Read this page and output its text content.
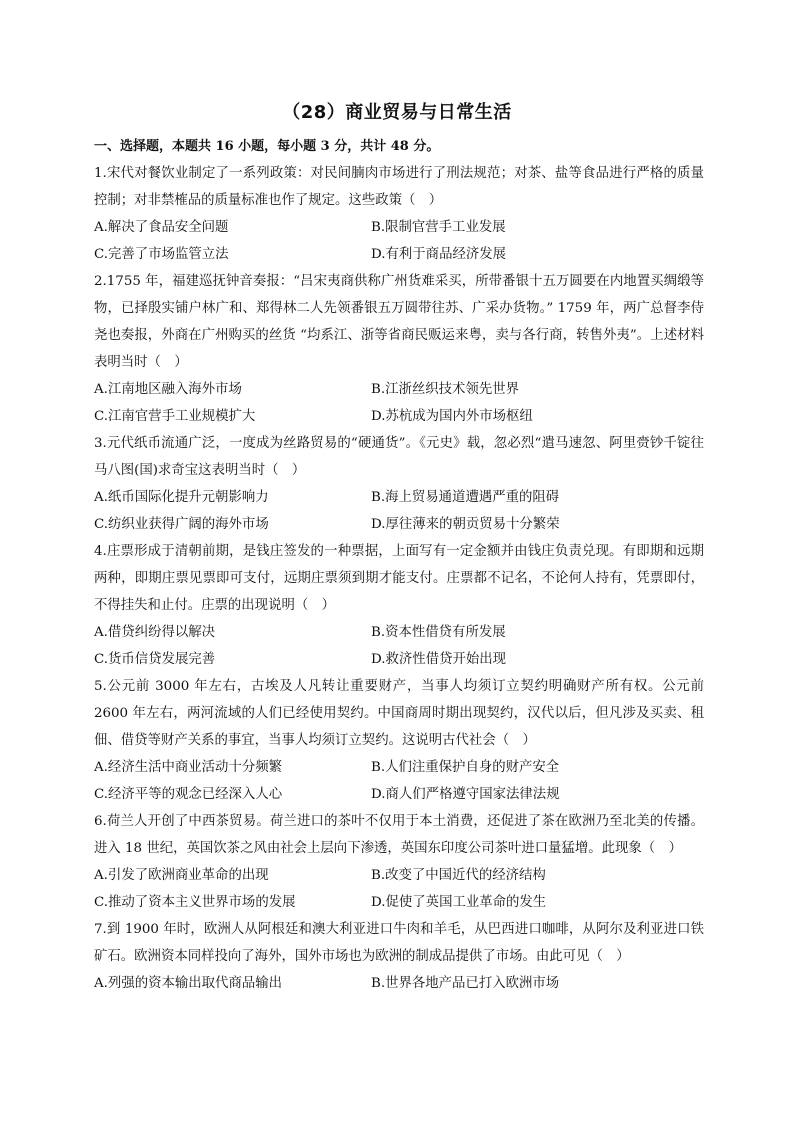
（28）商业贸易与日常生活
一、选择题，本题共 16 小题，每小题 3 分，共计 48 分。
1.宋代对餐饮业制定了一系列政策：对民间腩肉市场进行了刑法规范；对茶、盐等食品进行严格的质量控制；对非禁榷品的质量标准也作了规定。这些政策（　）
A.解决了食品安全问题	B.限制官营手工业发展
C.完善了市场监管立法	D.有利于商品经济发展
2.1755 年，福建巡抚钟音奏报：“吕宋夷商供称广州货难采买，所带番银十五万圆要在内地置买绸缎等物，已择殷实铺户林广和、郑得林二人先领番银五万圆带往苏、广采办货物。” 1759 年，两广总督李侍尧也奏报，外商在广州购买的丝货 “均系江、浙等省商民贩运来粤，卖与各行商，转售外夷”。上述材料表明当时（　）
A.江南地区融入海外市场	B.江浙丝织技术领先世界
C.江南官营手工业规模扩大	D.苏杭成为国内外市场枢纽
3.元代纸币流通广泛，一度成为丝路贸易的“硬通货”。《元史》载，忽必烈“遣马速忽、阿里赍钞千锭往马八图(国)求奇宝这表明当时（　）
A.纸币国际化提升元朝影响力	B.海上贸易通道遭遇严重的阻碍
C.纺织业获得广阔的海外市场	D.厚往薄来的朝贡贸易十分繁荣
4.庄票形成于清朝前期，是钱庄签发的一种票据，上面写有一定金额并由钱庄负责兑现。有即期和远期两种，即期庄票见票即可支付，远期庄票须到期才能支付。庄票都不记名，不论何人持有，凭票即付，不得挂失和止付。庄票的出现说明（　）
A.借贷纠纷得以解决	B.资本性借贷有所发展
C.货币信贷发展完善	D.救济性借贷开始出现
5.公元前 3000 年左右，古埃及人凡转让重要财产，当事人均须订立契约明确财产所有权。公元前 2600 年左右，两河流域的人们已经使用契约。中国商周时期出现契约，汉代以后，但凡涉及买卖、租佃、借贷等财产关系的事宜，当事人均须订立契约。这说明古代社会（　）
A.经济生活中商业活动十分频繁	B.人们注重保护自身的财产安全
C.经济平等的观念已经深入人心	D.商人们严格遵守国家法律法规
6.荷兰人开创了中西茶贸易。荷兰进口的茶叶不仅用于本土消费，还促进了茶在欧洲乃至北美的传播。进入 18 世纪，英国饮茶之风由社会上层向下渗透，英国东印度公司茶叶进口量猛增。此现象（　）
A.引发了欧洲商业革命的出现	B.改变了中国近代的经济结构
C.推动了资本主义世界市场的发展	D.促使了英国工业革命的发生
7.到 1900 年时，欧洲人从阿根廷和澳大利亚进口牛肉和羊毛，从巴西进口咖啡，从阿尔及利亚进口铁矿石。欧洲资本同样投向了海外，国外市场也为欧洲的制成品提供了市场。由此可见（　）
A.列强的资本输出取代商品输出	B.世界各地产品已打入欧洲市场
